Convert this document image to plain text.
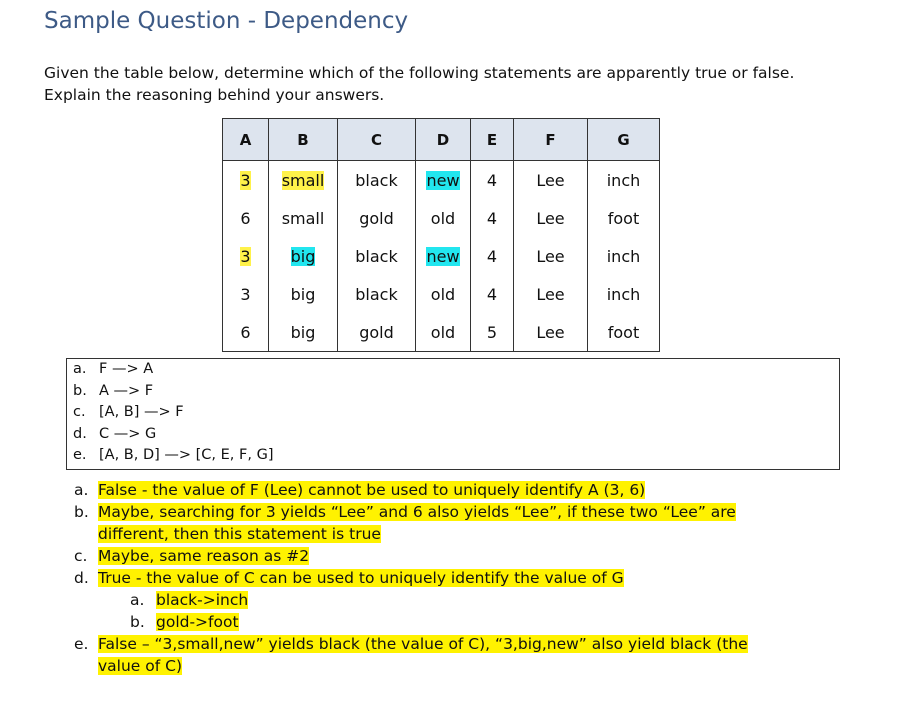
Sample Question - Dependency
Given the table below, determine which of the following statements are apparently true or false. Explain the reasoning behind your answers.
A	B	C	D	E	F	G
3	small	black	new	4	Lee	inch
6	small	gold	old	4	Lee	foot
3	big	black	new	4	Lee	inch
3	big	black	old	4	Lee	inch
6	big	gold	old	5	Lee	foot
a. F —> A
b. A —> F
c. [A, B] —> F
d. C —> G
e. [A, B, D] —> [C, E, F, G]
a. False - the value of F (Lee) cannot be used to uniquely identify A (3, 6)
b. Maybe, searching for 3 yields “Lee” and 6 also yields “Lee”, if these two “Lee” are
different, then this statement is true
c. Maybe, same reason as #2
d. True - the value of C can be used to uniquely identify the value of G
a. black->inch
b. gold->foot
e. False – “3,small,new” yields black (the value of C), “3,big,new” also yield black (the
value of C)
